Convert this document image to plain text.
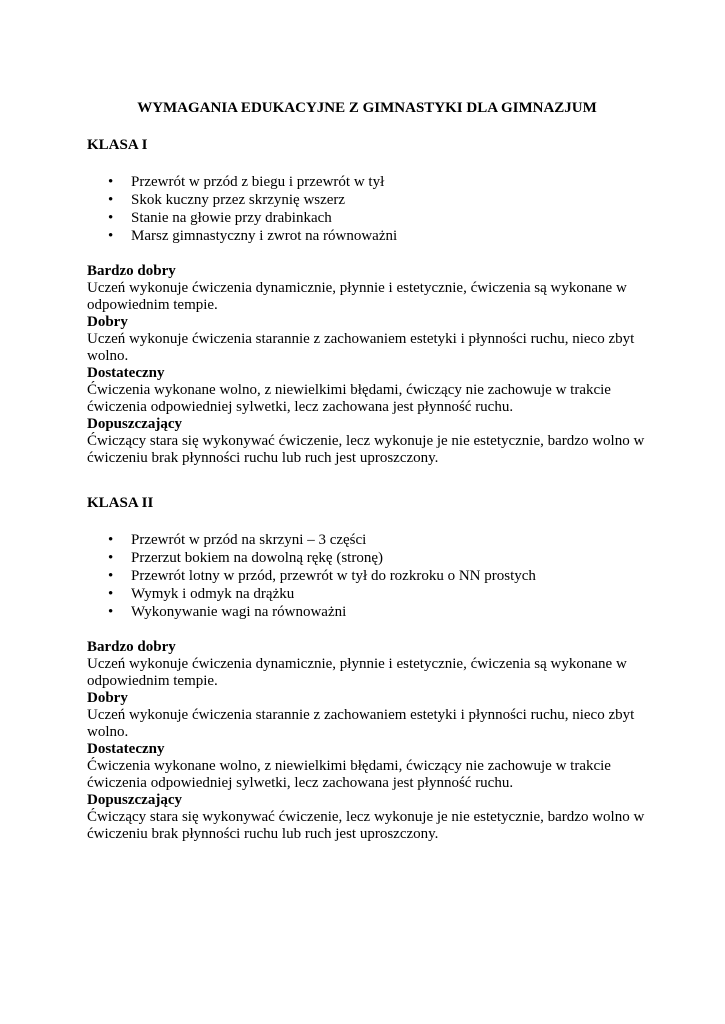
WYMAGANIA EDUKACYJNE Z GIMNASTYKI DLA GIMNAZJUM
KLASA I
• Przewrót w przód z biegu i przewrót w tył
• Skok kuczny przez skrzynię wszerz
• Stanie na głowie przy drabinkach
• Marsz gimnastyczny i zwrot na równoważni
Bardzo dobry
Uczeń wykonuje ćwiczenia dynamicznie, płynnie i estetycznie, ćwiczenia są wykonane w
odpowiednim tempie.
Dobry
Uczeń wykonuje ćwiczenia starannie z zachowaniem estetyki i płynności ruchu, nieco zbyt
wolno.
Dostateczny
Ćwiczenia wykonane wolno, z niewielkimi błędami, ćwiczący nie zachowuje w trakcie
ćwiczenia odpowiedniej sylwetki, lecz zachowana jest płynność ruchu.
Dopuszczający
Ćwiczący stara się wykonywać ćwiczenie, lecz wykonuje je nie estetycznie, bardzo wolno w
ćwiczeniu brak płynności ruchu lub ruch jest uproszczony.
KLASA II
• Przewrót w przód na skrzyni – 3 części
• Przerzut bokiem na dowolną rękę (stronę)
• Przewrót lotny w przód, przewrót w tył do rozkroku o NN prostych
• Wymyk i odmyk na drążku
• Wykonywanie wagi na równoważni
Bardzo dobry
Uczeń wykonuje ćwiczenia dynamicznie, płynnie i estetycznie, ćwiczenia są wykonane w
odpowiednim tempie.
Dobry
Uczeń wykonuje ćwiczenia starannie z zachowaniem estetyki i płynności ruchu, nieco zbyt
wolno.
Dostateczny
Ćwiczenia wykonane wolno, z niewielkimi błędami, ćwiczący nie zachowuje w trakcie
ćwiczenia odpowiedniej sylwetki, lecz zachowana jest płynność ruchu.
Dopuszczający
Ćwiczący stara się wykonywać ćwiczenie, lecz wykonuje je nie estetycznie, bardzo wolno w
ćwiczeniu brak płynności ruchu lub ruch jest uproszczony.
